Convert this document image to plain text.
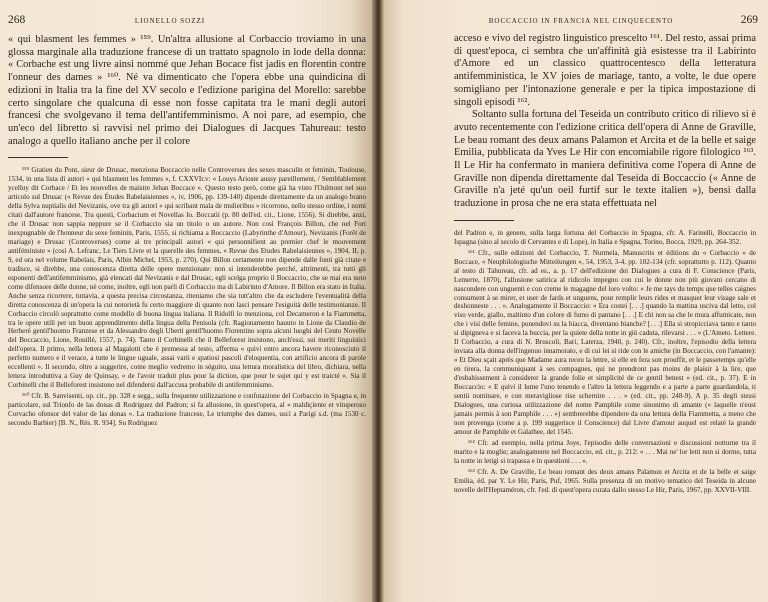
268	LIONELLO SOZZI

« qui blasment les femmes » ¹⁵⁹. Un'altra allusione al Corbaccio troviamo in una glossa marginale alla traduzione francese di un trattato spagnolo in lode della donna: « Corbache est ung livre ainsi nommé que Jehan Bocace fist jadis en florentin contre l'onneur des dames » ¹⁶⁰. Né va dimenticato che l'opera ebbe una quindicina di edizioni in Italia tra la fine del XV secolo e l'edizione parigina del Morello: sarebbe certo singolare che qualcuna di esse non fosse capitata tra le mani degli autori francesi che svolgevano il tema dell'antifemminismo. A noi pare, ad esempio, che un'eco del libretto si ravvisi nel primo dei Dialogues di Jacques Tahureau: testo analogo a quello italiano anche per il colore

¹⁵⁹ Gratien du Pont, sieur de Drusac, menziona Boccaccio nelle Controverses des sexes masculin et feminin, Toulouse, 1534, in una lista di autori « qui blasment les femmes », f. CXXVIr.v: « Louys Arioste aussy pareillement, / Semblablement ycelluy dit Corbace / Et les nouvelles de maistre Jehan Boccace ». Questo testo però, come già ha visto l'Oulmont nel suo articolo sul Drusac (« Revue des Études Rabelaisiennes », iv, 1906, pp. 139-140) dipende direttamente da un analogo brano della Sylva nuptialis del Nevizanis, ove tra gli autori « qui scribant mala de mulieribus » ricorrono, nello stesso ordine, i nomi citati dall'autore francese. Tra questi, Corbacium et Novellas Io. Boccatii (p. 80 dell'ed. cit., Lione, 1556). Si direbbe, anzi, che il Drusac non sappia neppure se il Corbaccio sia un titolo o un autore. Non così François Billon, che nel Fort inexpugnable de l'honneur du sexe feminin, Paris, 1555, si richiama a Boccaccio (Labyrinthe d'Amour), Nevizanis (Forêt de mariage) e Drusac (Controverses) come ai tre principali autori « qui personnifient au premier chef le mouvement antiféministe » (così A. Lefranc, Le Tiers Livre et la querelle des femmes, « Revue des Etudes Rabelaisiennes », 1904, II, p. 9, ed ora nel volume Rabelais, Paris, Albin Michel, 1953, p. 270). Qui Billon certamente non dipende dalle fonti già citate e tradisce, si direbbe, una conoscenza diretta delle opere menzionate: non si intenderebbe perché, altrimenti, tra tutti gli esponenti dell'antifemminismo, già elencati dal Nevizanis e dal Drusac, egli scelga proprio il Boccaccio, che se mai era noto come difensore delle donne, nè come, inoltre, egli non parli di Corbaccio ma di Labirinto d'Amore. Il Billon era stato in Italia. Anche senza ricorrere, tuttavia, a questa precisa circostanza, riteniamo che sia tutt'altro che da escludere l'eventualità della diretta conoscenza di un'opera la cui notorietà fu certo maggiore di quanto non lasci pensare l'esiguità delle testimonianze. Il Corbaccio circolò soprattutto come modello di buona lingua italiana. Il Ridolfi lo menziona, col Decameron e la Fiammetta, tra le opere utili per un buon apprendimento della lingua della Penisola (cfr. Ragionamento hauuto in Lione da Claudio de Herberè gentil'huomo Franzese et da Alessandro degli Uberti gentil'huomo Fiorentino sopra alcuni luoghi del Cento Novelle del Boccaccio, Lione, Rouillé, 1557, p. 74). Tanto il Corbinelli che il Belleforest insistono, anch'essi, sui meriti linguistici dell'opera. Il primo, nella lettera al Magalotti che è premessa al testo, afferma « quivi entro ancora havere riconosciuto il perfetto numero e il verace, a tutte le lingue uguale, assai varii e spatiosi pascoli d'eloquentia, con artificio ancora di parole eccellenti ». Il secondo, oltre a suggerire, come meglio vedremo in séguito, una lettura moralistica del libro, dichiara, nella lettera introduttiva a Guy de Quinsay, « de l'avoir traduit plus pour la diction, que pour le sujet qui y est traicté ». Sia il Corbinelli che il Belleforest insistono nel difendersi dall'accusa probabile di antifemminismo.

¹⁶⁰ Cfr. B. Sanvisenti, op. cit., pp. 328 e segg., sulla frequente utilizzazione e confutazione del Corbaccio in Spagna e, in particolare, sul Trionfo de las donas di Rodriguez del Padron; si fa allusione, in quest'opera, al « maldiçiente et vituperoso Corvacho ofensor del valor de las donas ». La traduzione francese, Le triumphe des dames, uscì a Parigi s.d. (ma 1530 c. secondo Barbier) [B. N., Rés. R. 934]. Su Rodriguez

269
BOCCACCIO IN FRANCIA NEL CINQUECENTO

acceso e vivo del registro linguistico prescelto ¹⁶¹. Del resto, assai prima di quest'epoca, ci sembra che un'affinità già esistesse tra il Labirinto d'Amore ed un classico quattrocentesco della letteratura antifemministica, le XV joies de mariage, tanto, a volte, le due opere somigliano per l'intonazione generale e per la tipica impostazione di singoli episodi ¹⁶².

Soltanto sulla fortuna del Teseida un contributo critico di rilievo si è avuto recentemente con l'edizione critica dell'opera di Anne de Graville, Le beau romant des deux amans Palamon et Arcita et de la belle et saige Emilia, pubblicata da Yves Le Hir con encomiabile rigore filologico ¹⁶³. Il Le Hir ha confermato in maniera definitiva come l'opera di Anne de Graville non dipenda direttamente dal Teseida di Boccaccio (« Anne de Graville n'a jeté qu'un oeil furtif sur le texte italien »), bensì dalla traduzione in prosa che ne era stata effettuata nel

del Padron e, in genere, sulla larga fortuna del Corbaccio in Spagna, cfr. A. Farinelli, Boccaccio in Ispagna (sino al secolo di Cervantes e di Lope), in Italia e Spagna, Torino, Bocca, 1929, pp. 264-352.

¹⁶¹ Cfr., sulle edizioni del Corbaccio, T. Nurmela, Manuscrits et éditions du « Corbaccio » de Boccace, « Neuphilologische Mitteilungen », 54, 1953, 3-4, pp. 102-134 (cfr. soprattutto p. 112). Quanto al testo di Tahureau, cfr. ad es., a. p. 17 dell'edizione dei Dialogues a cura di F. Conscience (Paris, Lemerre, 1870), l'allusione satirica al ridicolo impegno con cui le donne non più giovani cercano di nascondere con unguenti e con creme le magagne del loro volto: « Je me tays du temps que telles caignes consument à se mirer, et user de fards et unguens, pour remplir leurs rides et masquer leur visage sale et deshonneste . . . ». Analogamente il Boccaccio: « Era costei [. . .] quando la mattina usciva dal letto, col viso verde, giallo, maltinto d'un colore di fumo di pantano [. . .] E chi non sa che le mura affumicate, non che i visi delle femine, ponendovi su la biacca, diventano bianche? [. . .] Ella si stropicciava tanto e tanto si dipigneva e si faceva la buccia, per la quiete della notte in giù caduta, rilevarsi . . . » (L'Ameto. Lettere. Il Corbaccio, a cura di N. Bruscoli, Bari, Laterza, 1940, p. 240). Cfr., inoltre, l'episodio della lettera inviata alla donna dell'ingenuo innamorato, e di cui lei si ride con le amiche (in Boccaccio, con l'amante): « Et Dieu sçait après que Madame aura receu la lettre, si elle en fera son prouffit, et le passetemps qu'elle en tirera, la communiquant à ses compagnes, qui ne prendront pas moins de plaisir à la lire, que d'esbahissement à considerer la grande folie et simplicité de ce gentil benest » (ed. cit., p. 37). E in Boccaccio: « E quivi il lume l'uno tenendo e l'altro la lettera leggendo e a parte a parte guardandola, ti sentii nominare, e con meravigliose rise schernire . . . » (ed. cit., pp. 248-9). A p. 35 degli stessi Dialogues, una curiosa utilizzazione del nome Pamphile come sinonimo di amante (« laquelle n'eust jamais permis à son Pamphile . . . ») sembrerebbe dipendere da una lettura della Fiammetta, a meno che non provenga (come a p. 199 suggerisce il Conscience) dal Livre d'amour auquel est relaté la grande amour de Pamphile et Galathee, del 1545.

¹⁶² Cfr. ad esempio, nella prima Joye, l'episodio delle conversazioni e discussioni notturne tra il marito e la moglie; analogamente nel Boccaccio, ed. cit., p. 212: « . . . Mai ne' lor letti non si dorme, tutta la notte in letigi si trapassa e in questioni . . . ».

¹⁶³ Cfr. A. De Graville, Le beau romant des deux amans Palamon et Arcita et de la belle et saige Emilia, éd. par Y. Le Hir, Paris, Puf, 1965. Sulla presenza di un motivo tematico del Teseida in alcune novelle dell'Heptaméron, cfr. l'ed. di quest'opera curata dallo stesso Le Hir, Paris, 1967, pp. XXVII-VIII.
